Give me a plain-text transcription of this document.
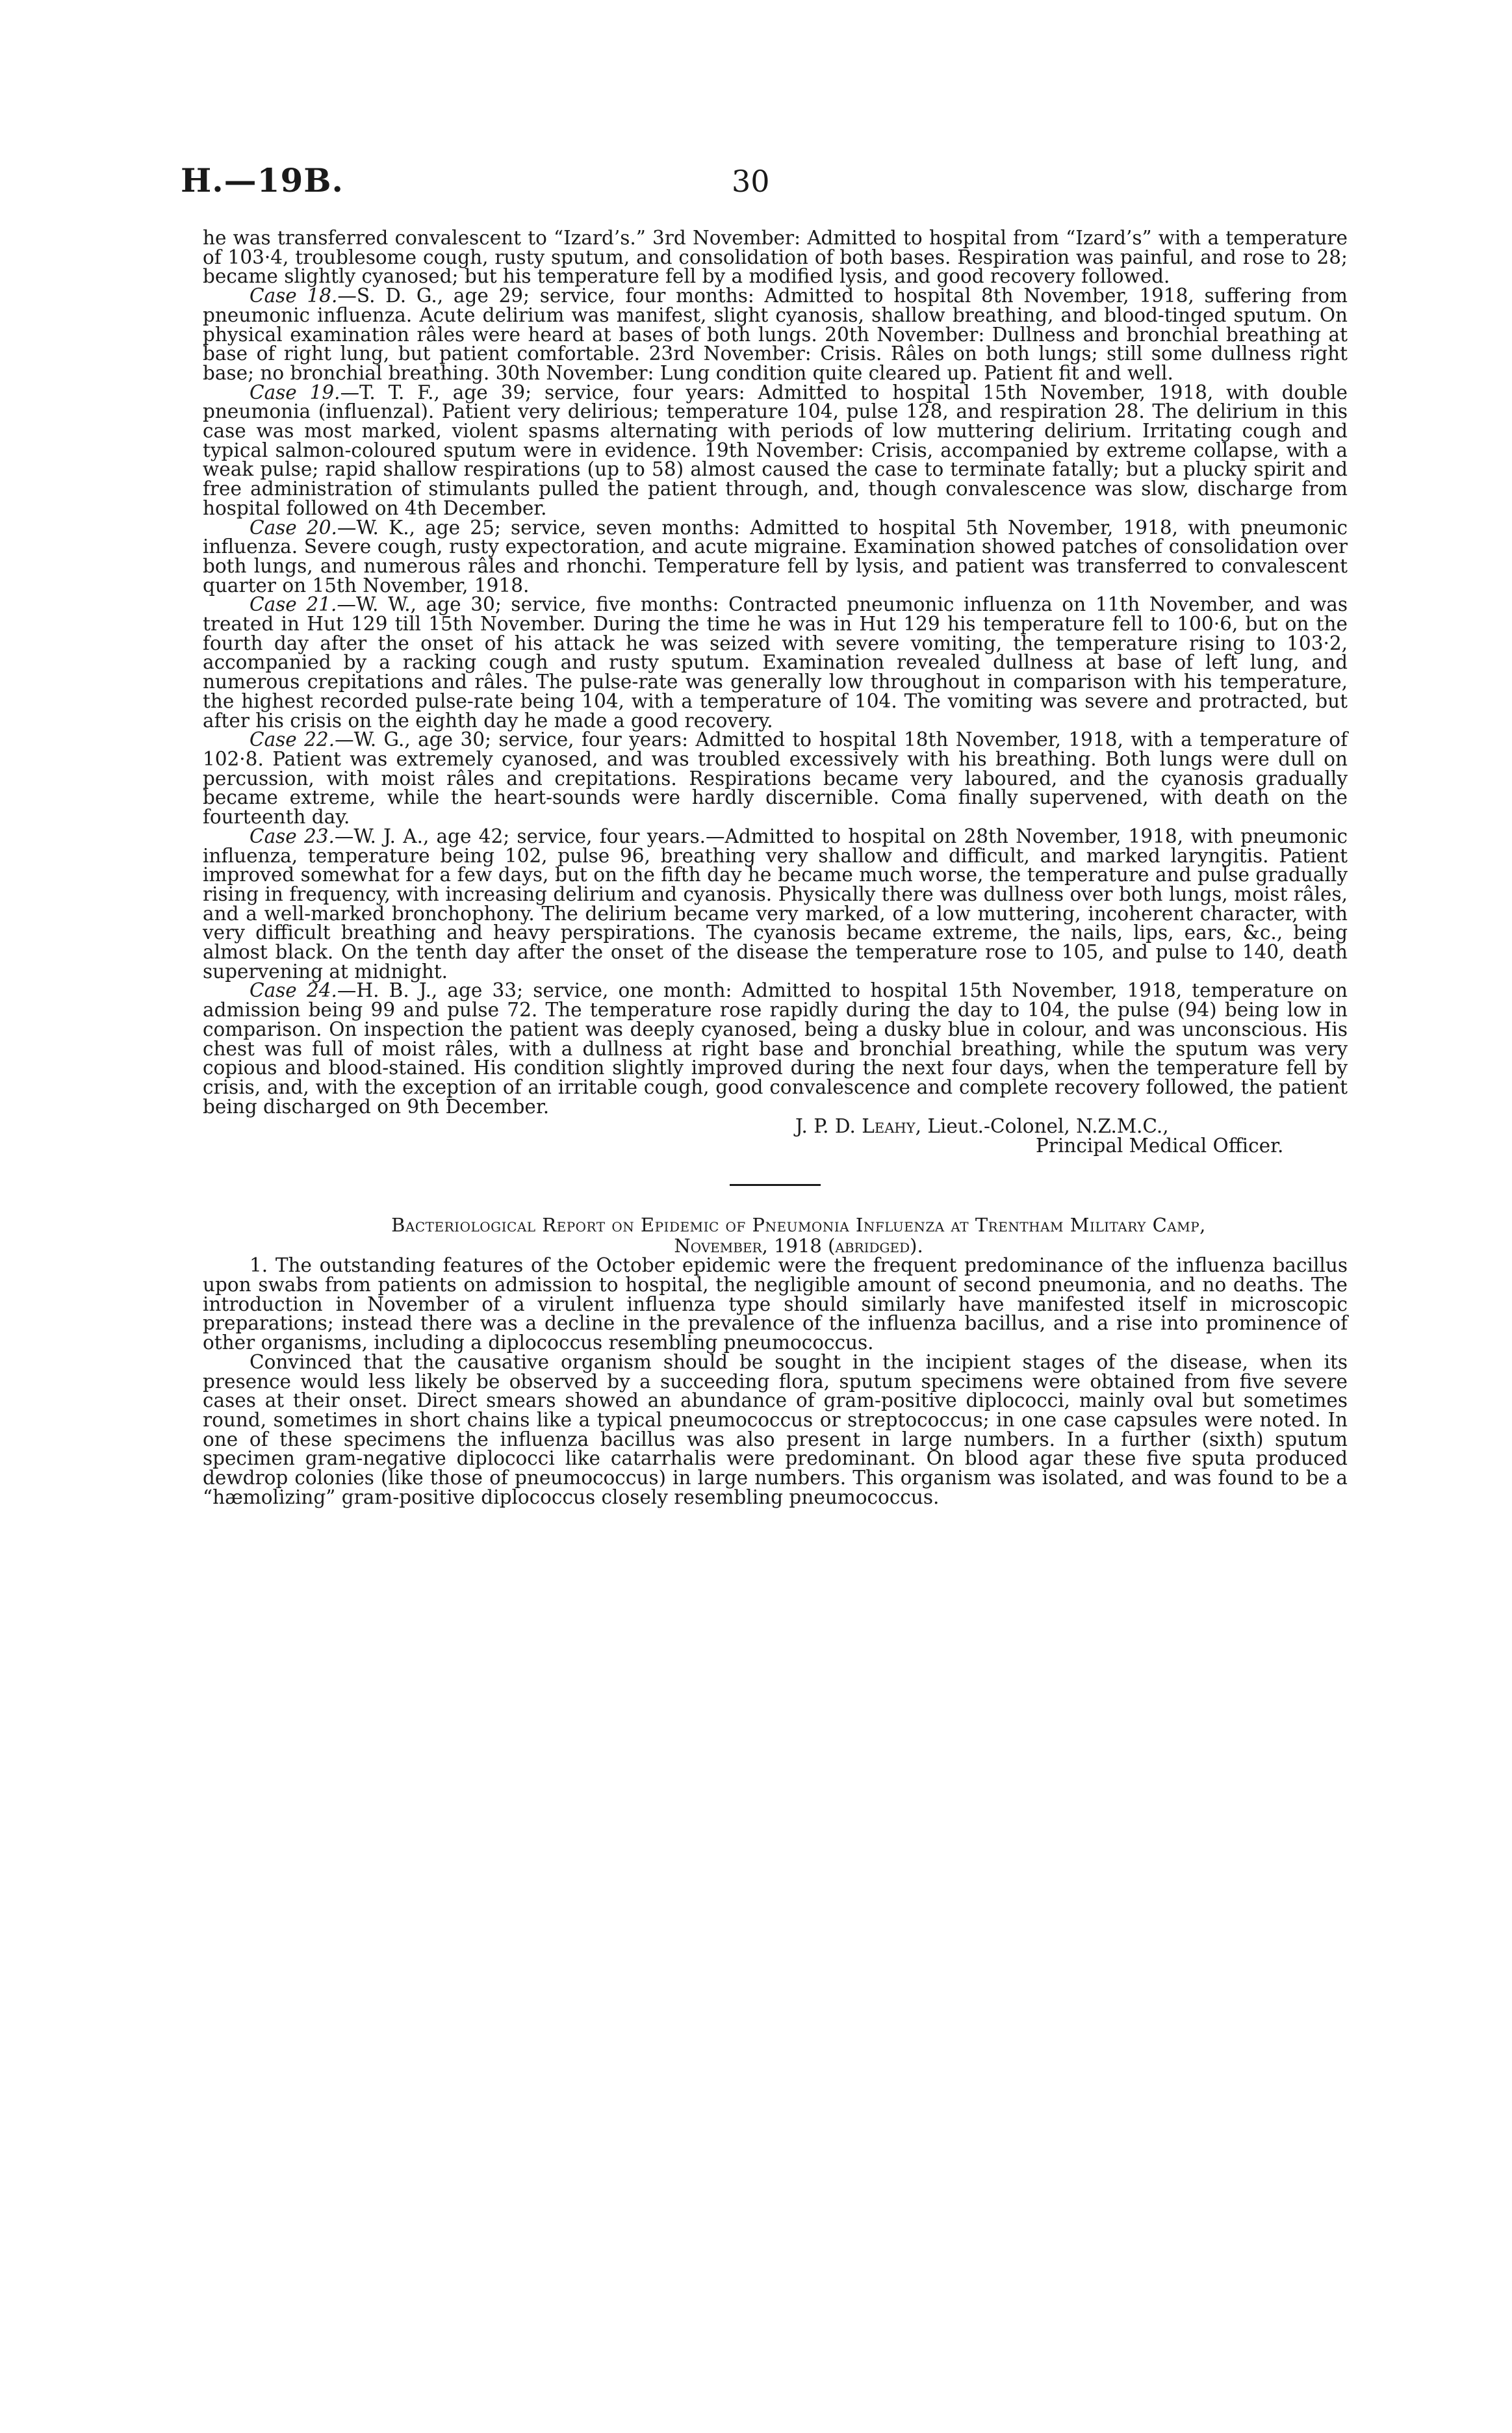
H.—19B.	30

he was transferred convalescent to “Izard’s.” 3rd November: Admitted to hospital from “Izard’s” with a temperature of 103·4, troublesome cough, rusty sputum, and consolidation of both bases. Respiration was painful, and rose to 28; became slightly cyanosed; but his temperature fell by a modified lysis, and good recovery followed.

Case 18.—S. D. G., age 29; service, four months: Admitted to hospital 8th November, 1918, suffering from pneumonic influenza. Acute delirium was manifest, slight cyanosis, shallow breathing, and blood-tinged sputum. On physical examination râles were heard at bases of both lungs. 20th November: Dullness and bronchial breathing at base of right lung, but patient comfortable. 23rd November: Crisis. Râles on both lungs; still some dullness right base; no bronchial breathing. 30th November: Lung condition quite cleared up. Patient fit and well.

Case 19.—T. T. F., age 39; service, four years: Admitted to hospital 15th November, 1918, with double pneumonia (influenzal). Patient very delirious; temperature 104, pulse 128, and respiration 28. The delirium in this case was most marked, violent spasms alternating with periods of low muttering delirium. Irritating cough and typical salmon-coloured sputum were in evidence. 19th November: Crisis, accompanied by extreme collapse, with a weak pulse; rapid shallow respirations (up to 58) almost caused the case to terminate fatally; but a plucky spirit and free administration of stimulants pulled the patient through, and, though convalescence was slow, discharge from hospital followed on 4th December.

Case 20.—W. K., age 25; service, seven months: Admitted to hospital 5th November, 1918, with pneumonic influenza. Severe cough, rusty expectoration, and acute migraine. Examination showed patches of consolidation over both lungs, and numerous râles and rhonchi. Temperature fell by lysis, and patient was transferred to convalescent quarter on 15th November, 1918.

Case 21.—W. W., age 30; service, five months: Contracted pneumonic influenza on 11th November, and was treated in Hut 129 till 15th November. During the time he was in Hut 129 his temperature fell to 100·6, but on the fourth day after the onset of his attack he was seized with severe vomiting, the temperature rising to 103·2, accompanied by a racking cough and rusty sputum. Examination revealed dullness at base of left lung, and numerous crepitations and râles. The pulse-rate was generally low throughout in comparison with his temperature, the highest recorded pulse-rate being 104, with a temperature of 104. The vomiting was severe and protracted, but after his crisis on the eighth day he made a good recovery.

Case 22.—W. G., age 30; service, four years: Admitted to hospital 18th November, 1918, with a temperature of 102·8. Patient was extremely cyanosed, and was troubled excessively with his breathing. Both lungs were dull on percussion, with moist râles and crepitations. Respirations became very laboured, and the cyanosis gradually became extreme, while the heart-sounds were hardly discernible. Coma finally supervened, with death on the fourteenth day.

Case 23.—W. J. A., age 42; service, four years.—Admitted to hospital on 28th November, 1918, with pneumonic influenza, temperature being 102, pulse 96, breathing very shallow and difficult, and marked laryngitis. Patient improved somewhat for a few days, but on the fifth day he became much worse, the temperature and pulse gradually rising in frequency, with increasing delirium and cyanosis. Physically there was dullness over both lungs, moist râles, and a well-marked bronchophony. The delirium became very marked, of a low muttering, incoherent character, with very difficult breathing and heavy perspirations. The cyanosis became extreme, the nails, lips, ears, &c., being almost black. On the tenth day after the onset of the disease the temperature rose to 105, and pulse to 140, death supervening at midnight.

Case 24.—H. B. J., age 33; service, one month: Admitted to hospital 15th November, 1918, temperature on admission being 99 and pulse 72. The temperature rose rapidly during the day to 104, the pulse (94) being low in comparison. On inspection the patient was deeply cyanosed, being a dusky blue in colour, and was unconscious. His chest was full of moist râles, with a dullness at right base and bronchial breathing, while the sputum was very copious and blood-stained. His condition slightly improved during the next four days, when the temperature fell by crisis, and, with the exception of an irritable cough, good convalescence and complete recovery followed, the patient being discharged on 9th December.

J. P. D. Leahy, Lieut.-Colonel, N.Z.M.C.,

Principal Medical Officer.

Bacteriological Report on Epidemic of Pneumonia Influenza at Trentham Military Camp,

November, 1918 (abridged).

1. The outstanding features of the October epidemic were the frequent predominance of the influenza bacillus upon swabs from patients on admission to hospital, the negligible amount of second pneumonia, and no deaths. The introduction in November of a virulent influenza type should similarly have manifested itself in microscopic preparations; instead there was a decline in the prevalence of the influenza bacillus, and a rise into prominence of other organisms, including a diplococcus resembling pneumococcus.

Convinced that the causative organism should be sought in the incipient stages of the disease, when its presence would less likely be observed by a succeeding flora, sputum specimens were obtained from five severe cases at their onset. Direct smears showed an abundance of gram-positive diplococci, mainly oval but sometimes round, sometimes in short chains like a typical pneumococcus or streptococcus; in one case capsules were noted. In one of these specimens the influenza bacillus was also present in large numbers. In a further (sixth) sputum specimen gram-negative diplococci like catarrhalis were predominant. On blood agar these five sputa produced dewdrop colonies (like those of pneumococcus) in large numbers. This organism was isolated, and was found to be a “hæmolizing” gram-positive diplococcus closely resembling pneumococcus.
